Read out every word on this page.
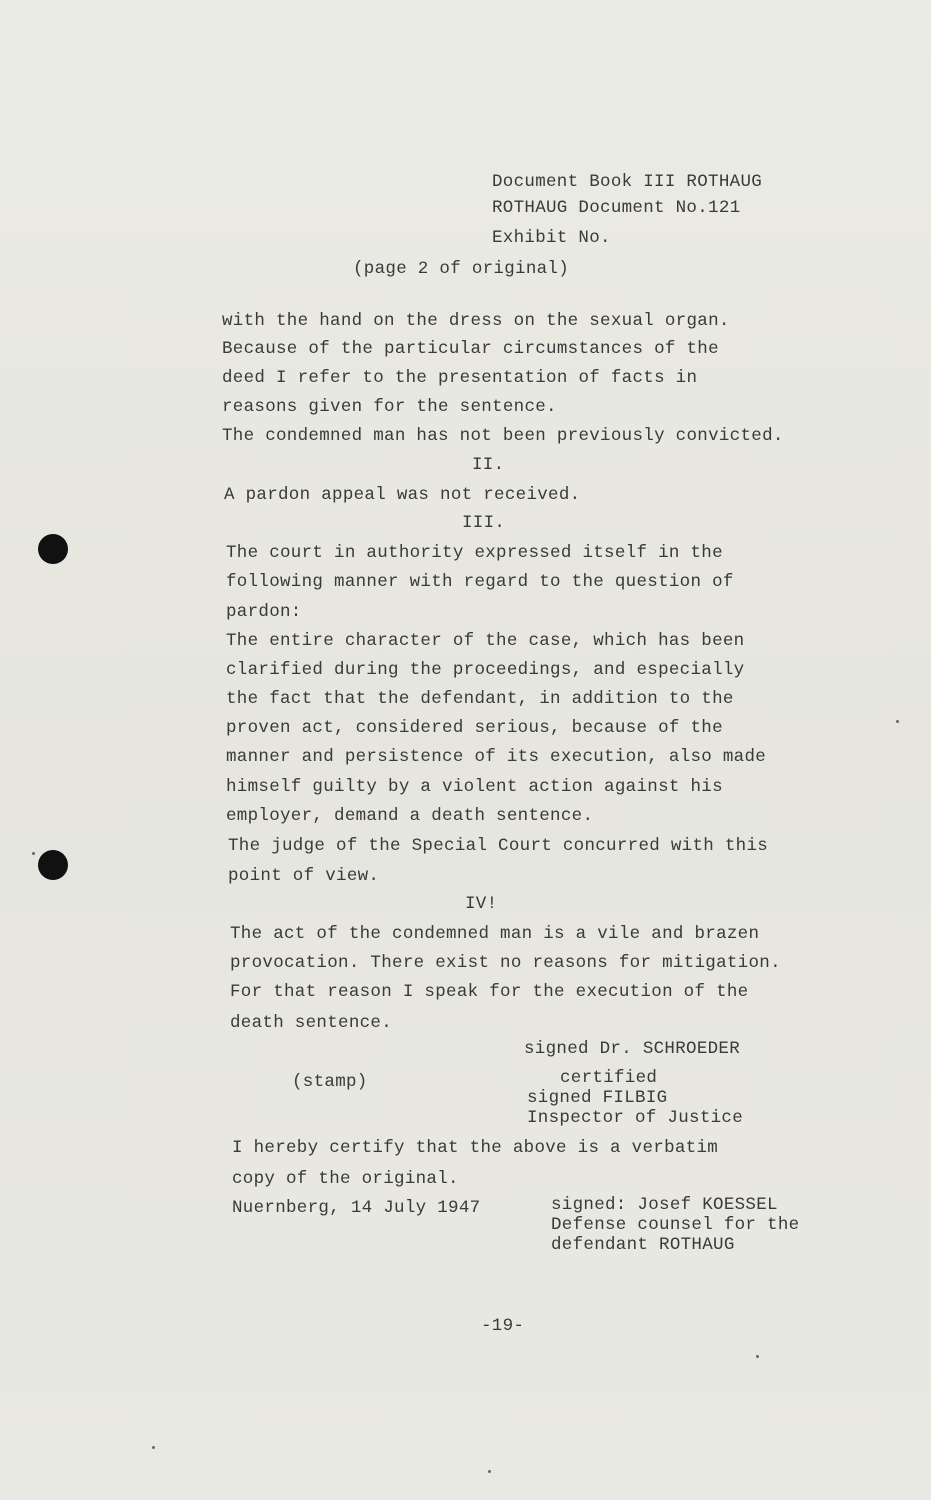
Document Book III ROTHAUG
ROTHAUG Document No.121
Exhibit No.
(page 2 of original)
with the hand on the dress on the sexual organ.
Because of the particular circumstances of the
deed I refer to the presentation of facts in
reasons given for the sentence.
The condemned man has not been previously convicted.
II.
A pardon appeal was not received.
III.
The court in authority expressed itself in the
following manner with regard to the question of
pardon:
The entire character of the case, which has been
clarified during the proceedings, and especially
the fact that the defendant, in addition to the
proven act, considered serious, because of the
manner and persistence of its execution, also made
himself guilty by a violent action against his
employer, demand a death sentence.
The judge of the Special Court concurred with this
point of view.
IV!
The act of the condemned man is a vile and brazen
provocation. There exist no reasons for mitigation.
For that reason I speak for the execution of the
death sentence.
signed Dr. SCHROEDER
(stamp)	certified
signed FILBIG
Inspector of Justice
I hereby certify that the above is a verbatim
copy of the original.
Nuernberg, 14 July 1947	signed: Josef KOESSEL
Defense counsel for the
defendant ROTHAUG
-19-
